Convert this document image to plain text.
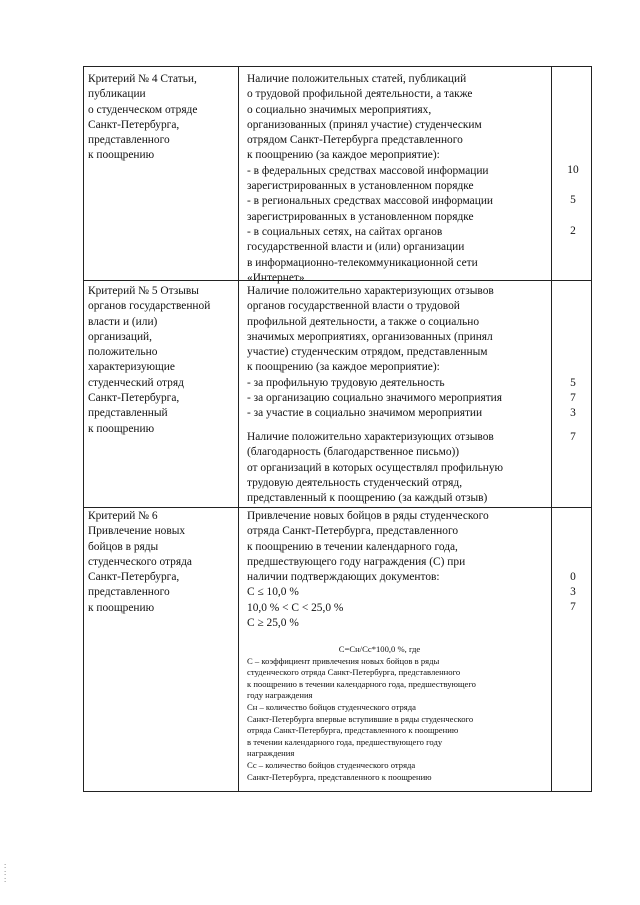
Критерий № 4 Статьи,
публикации
о студенческом отряде
Санкт-Петербурга,
представленного
к поощрению
Наличие положительных статей, публикаций
о трудовой профильной деятельности, а также
о социально значимых мероприятиях,
организованных (принял участие) студенческим
отрядом Санкт-Петербурга представленного
к поощрению (за каждое мероприятие):
- в федеральных средствах массовой информации
зарегистрированных в установленном порядке
- в региональных средствах массовой информации
зарегистрированных в установленном порядке
- в социальных сетях, на сайтах органов
государственной власти и (или) организации
в информационно-телекоммуникационной сети
«Интернет»
10
5
2
Критерий № 5 Отзывы
органов государственной
власти и (или)
организаций,
положительно
характеризующие
студенческий отряд
Санкт-Петербурга,
представленный
к поощрению
Наличие положительно характеризующих отзывов
органов государственной власти о трудовой
профильной деятельности, а также о социально
значимых мероприятиях, организованных (принял
участие) студенческим отрядом, представленным
к поощрению (за каждое мероприятие):
- за профильную трудовую деятельность
- за организацию социально значимого мероприятия
- за участие в социально значимом мероприятии
5
7
3
Наличие положительно характеризующих отзывов
(благодарность (благодарственное письмо))
от организаций в которых осуществлял профильную
трудовую деятельность студенческий отряд,
представленный к поощрению (за каждый отзыв)
7
Критерий № 6
Привлечение новых
бойцов в ряды
студенческого отряда
Санкт-Петербурга,
представленного
к поощрению
Привлечение новых бойцов в ряды студенческого
отряда Санкт-Петербурга, представленного
к поощрению в течении календарного года,
предшествующего году награждения (С) при
наличии подтверждающих документов:
С ≤ 10,0 %
10,0 % < С < 25,0 %
С ≥ 25,0 %
0
3
7
С=Сн/Сс*100,0 %, где
С – коэффициент привлечения новых бойцов в ряды
студенческого отряда Санкт-Петербурга, представленного
к поощрению в течении календарного года, предшествующего
году награждения
Сн – количество бойцов студенческого отряда
Санкт-Петербурга впервые вступившие в ряды студенческого
отряда Санкт-Петербурга, представленного к поощрению
в течении календарного года, предшествующего году
награждения
Сс – количество бойцов студенческого отряда
Санкт-Петербурга, представленного к поощрению
:
:
:
